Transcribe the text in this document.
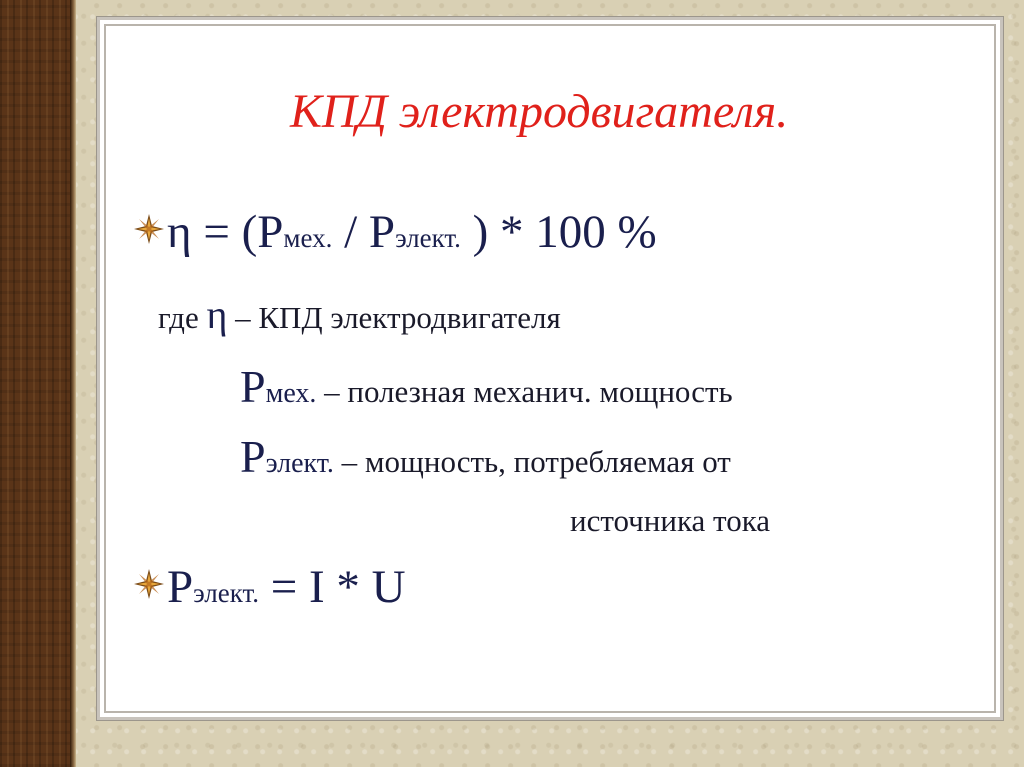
КПД электродвигателя.
η = (Pмех. / Pэлект. ) * 100 %
где η – КПД электродвигателя
Pмех. – полезная механич. мощность
Pэлект. – мощность, потребляемая от
источника тока
Pэлект. = I * U
